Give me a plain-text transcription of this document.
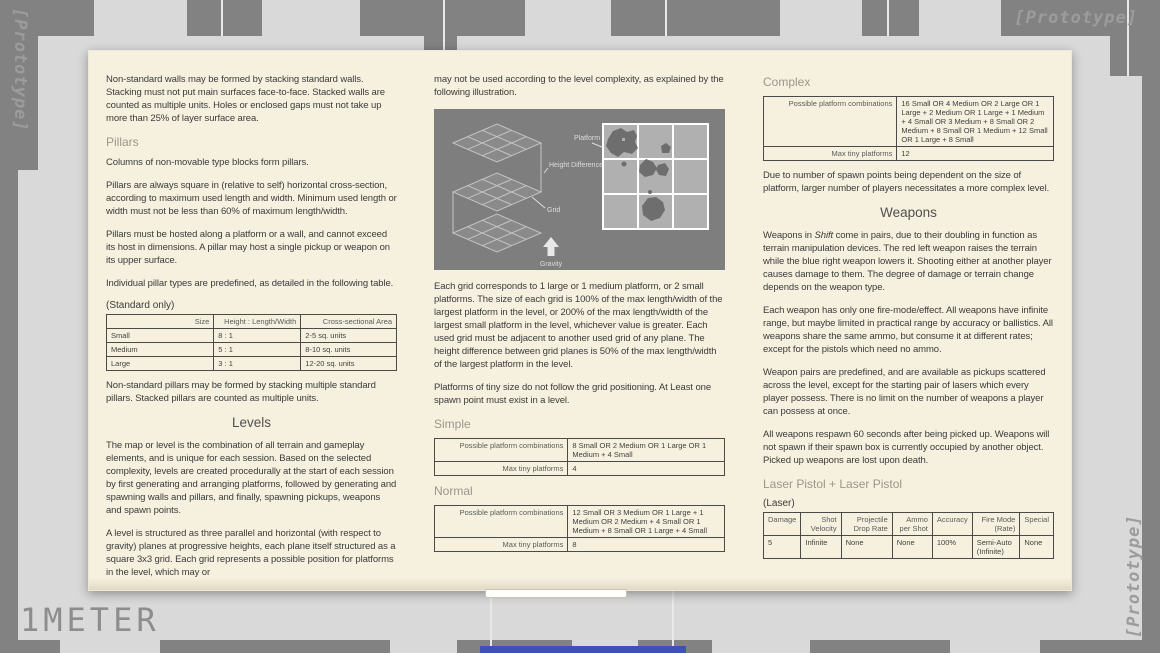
[Prototype]	[Prototype]
[Prototype]
1METER

Non-standard walls may be formed by stacking standard walls. Stacking must not put main surfaces face-to-face. Stacked walls are counted as multiple units. Holes or enclosed gaps must not take up more than 25% of layer surface area.

Pillars

Columns of non-movable type blocks form pillars.

Pillars are always square in (relative to self) horizontal cross-section, according to maximum used length and width. Minimum used length or width must not be less than 60% of maximum length/width.

Pillars must be hosted along a platform or a wall, and cannot exceed its host in dimensions. A pillar may host a single pickup or weapon on its upper surface.

Individual pillar types are predefined, as detailed in the following table.

(Standard only)
Size	Height : Length/Width	Cross-sectional Area
Small	8 : 1	2-5 sq. units
Medium	5 : 1	8-10 sq. units
Large	3 : 1	12-20 sq. units

Non-standard pillars may be formed by stacking multiple standard pillars. Stacked pillars are counted as multiple units.

Levels

The map or level is the combination of all terrain and gameplay elements, and is unique for each session. Based on the selected complexity, levels are created procedurally at the start of each session by first generating and arranging platforms, followed by generating and spawning walls and pillars, and finally, spawning pickups, weapons and spawn points.

A level is structured as three parallel and horizontal (with respect to gravity) planes at progressive heights, each plane itself structured as a square 3x3 grid. Each grid represents a possible position for platforms in the level, which may or

may not be used according to the level complexity, as explained by the following illustration.

Height Difference
Grid
Platform
Gravity

Each grid corresponds to 1 large or 1 medium platform, or 2 small platforms. The size of each grid is 100% of the max length/width of the largest platform in the level, or 200% of the max length/width of the largest small platform in the level, whichever value is greater. Each used grid must be adjacent to another used grid of any plane. The height difference between grid planes is 50% of the max length/width of the largest platform in the level.

Platforms of tiny size do not follow the grid positioning. At Least one spawn point must exist in a level.

Simple
Possible platform combinations	8 Small OR 2 Medium OR 1 Large OR 1 Medium + 4 Small
Max tiny platforms	4
Normal
Possible platform combinations	12 Small OR 3 Medium OR 1 Large + 1 Medium OR 2 Medium + 4 Small OR 1 Medium + 8 Small OR 1 Large + 4 Small
Max tiny platforms	8
Complex
Possible platform combinations	16 Small OR 4 Medium OR 2 Large OR 1 Large + 2 Medium OR 1 Large + 1 Medium + 4 Small OR 3 Medium + 8 Small OR 2 Medium + 8 Small OR 1 Medium + 12 Small OR 1 Large + 8 Small
Max tiny platforms	12

Due to number of spawn points being dependent on the size of platform, larger number of players necessitates a more complex level.

Weapons

Weapons in Shift come in pairs, due to their doubling in function as terrain manipulation devices. The red left weapon raises the terrain while the blue right weapon lowers it. Shooting either at another player causes damage to them. The degree of damage or terrain change depends on the weapon type.

Each weapon has only one fire-mode/effect. All weapons have infinite range, but maybe limited in practical range by accuracy or ballistics. All weapons share the same ammo, but consume it at different rates; except for the pistols which need no ammo.

Weapon pairs are predefined, and are available as pickups scattered across the level, except for the starting pair of lasers which every player possess. There is no limit on the number of weapons a player can possess at once.

All weapons respawn 60 seconds after being picked up. Weapons will not spawn if their spawn box is currently occupied by another object. Picked up weapons are lost upon death.

Laser Pistol + Laser Pistol
(Laser)
Damage	Shot Velocity	Projectile Drop Rate	Ammo per Shot	Accuracy	Fire Mode (Rate)	Special
5	Infinite	None	None	100%	Semi-Auto (Infinite)	None
